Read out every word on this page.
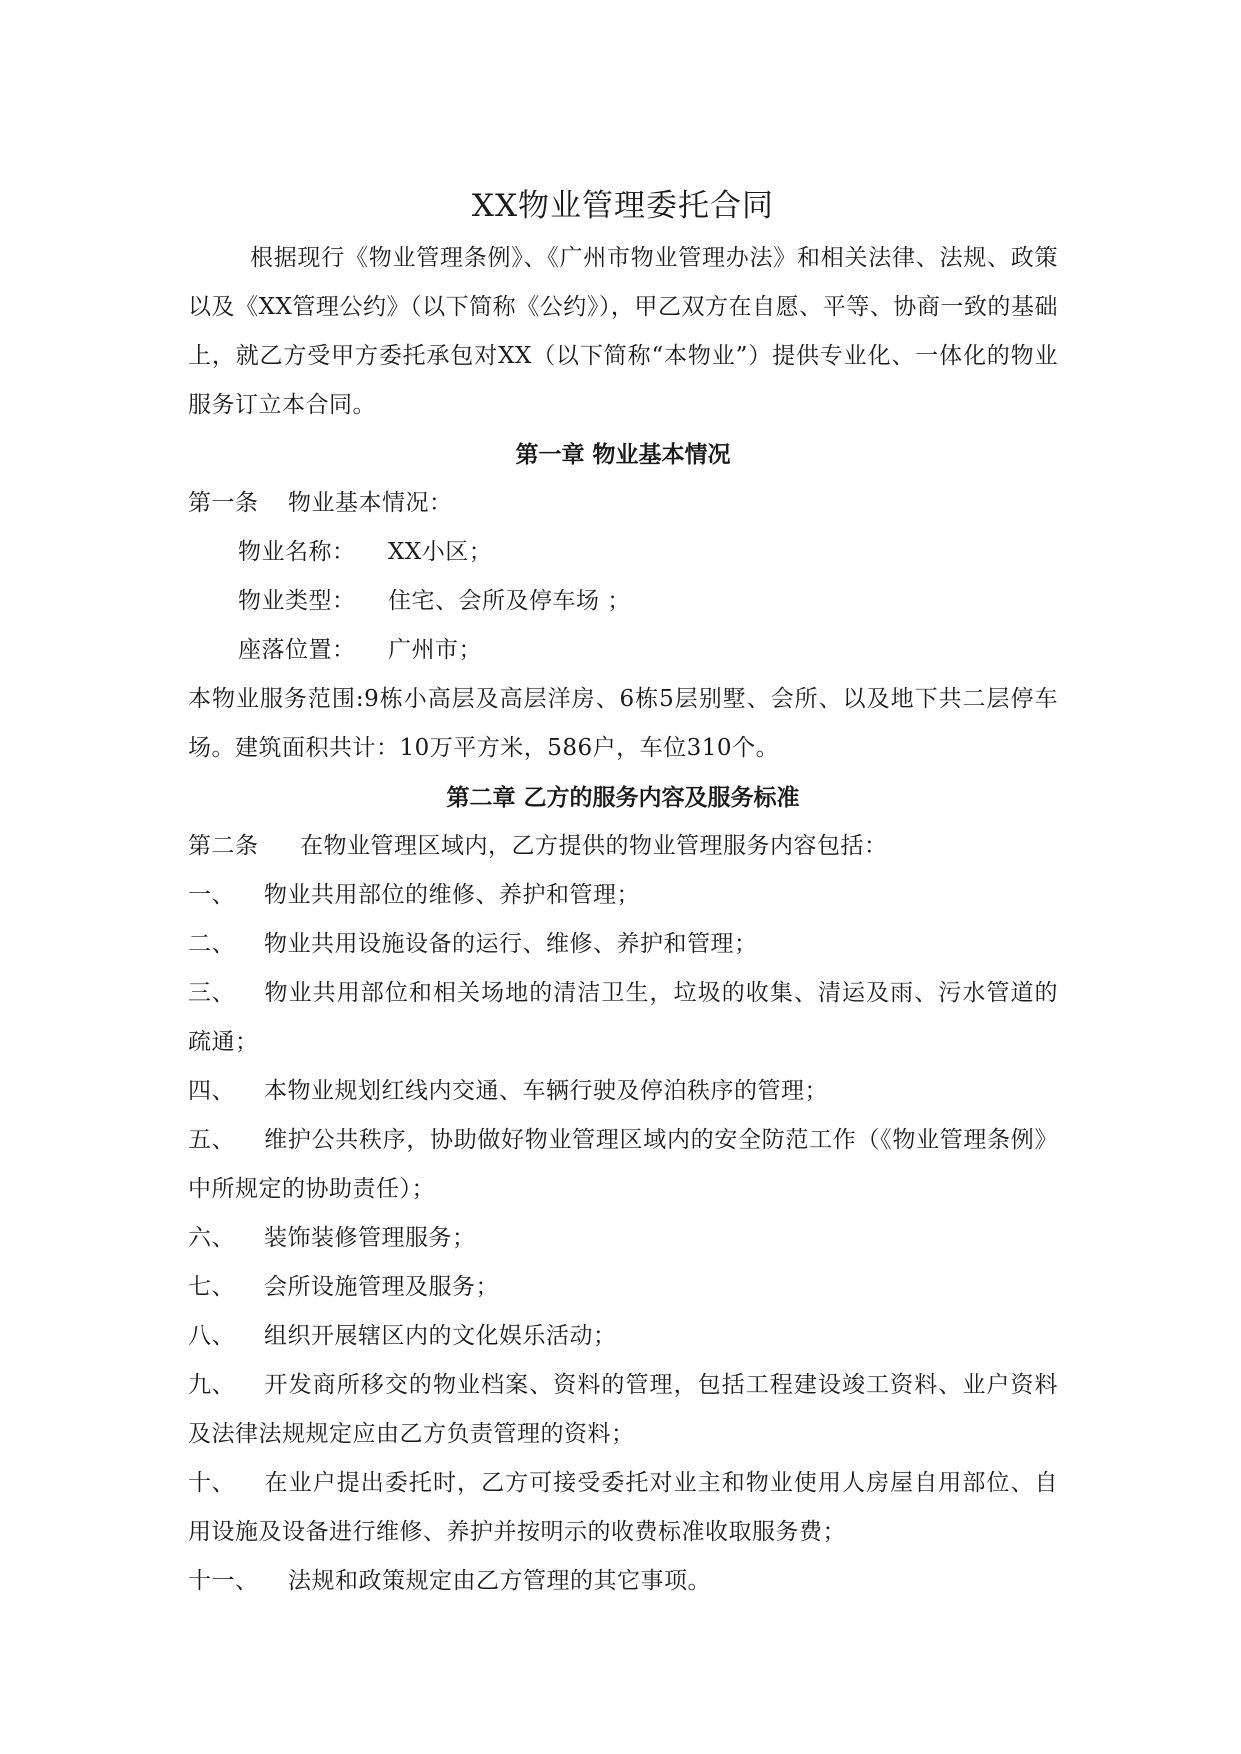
XX物业管理委托合同

根据现行《物业管理条例》、《广州市物业管理办法》和相关法律、法规、政策以及《XX管理公约》（以下简称《公约》），甲乙双方在自愿、平等、协商一致的基础上，就乙方受甲方委托承包对XX（以下简称“本物业”）提供专业化、一体化的物业服务订立本合同。

第一章 物业基本情况

第一条 物业基本情况：

物业名称： XX小区；

物业类型： 住宅、会所及停车场 ；

座落位置： 广州市；

本物业服务范围:9栋小高层及高层洋房、6栋5层别墅、会所、以及地下共二层停车场。建筑面积共计：10万平方米，586户，车位310个。

第二章 乙方的服务内容及服务标准

第二条 在物业管理区域内，乙方提供的物业管理服务内容包括：

一、	物业共用部位的维修、养护和管理；
二、	物业共用设施设备的运行、维修、养护和管理；
三、 物业共用部位和相关场地的清洁卫生，垃圾的收集、清运及雨、污水管道的疏通；
四、	本物业规划红线内交通、车辆行驶及停泊秩序的管理；
五、 维护公共秩序，协助做好物业管理区域内的安全防范工作（《物业管理条例》中所规定的协助责任）；
六、	装饰装修管理服务；
七、	会所设施管理及服务；
八、	组织开展辖区内的文化娱乐活动；
九、 开发商所移交的物业档案、资料的管理，包括工程建设竣工资料、业户资料及法律法规规定应由乙方负责管理的资料；
十、 在业户提出委托时，乙方可接受委托对业主和物业使用人房屋自用部位、自用设施及设备进行维修、养护并按明示的收费标准收取服务费；
十一、	法规和政策规定由乙方管理的其它事项。
